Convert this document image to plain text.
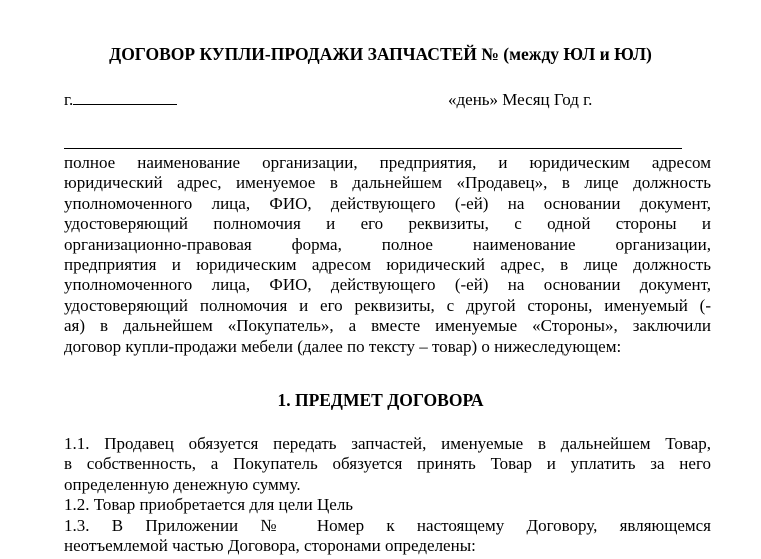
ДОГОВОР КУПЛИ-ПРОДАЖИ ЗАПЧАСТЕЙ № (между ЮЛ и ЮЛ)
г.	«день» Месяц Год г.
полное наименование организации, предприятия, и юридическим адресом
юридический адрес, именуемое в дальнейшем «Продавец», в лице должность
уполномоченного лица, ФИО, действующего (-ей) на основании документ,
удостоверяющий полномочия и его реквизиты, с одной стороны и
организационно-правовая форма, полное наименование организации,
предприятия и юридическим адресом юридический адрес, в лице должность
уполномоченного лица, ФИО, действующего (-ей) на основании документ,
удостоверяющий полномочия и его реквизиты, с другой стороны, именуемый (-
ая) в дальнейшем «Покупатель», а вместе именуемые «Стороны», заключили
договор купли-продажи мебели (далее по тексту – товар) о нижеследующем:
1. ПРЕДМЕТ ДОГОВОРА
1.1. Продавец обязуется передать запчастей, именуемые в дальнейшем Товар,
в собственность, а Покупатель обязуется принять Товар и уплатить за него
определенную денежную сумму.
1.2. Товар приобретается для цели Цель
1.3. В Приложении № Номер к настоящему Договору, являющемся
неотъемлемой частью Договора, сторонами определены:
